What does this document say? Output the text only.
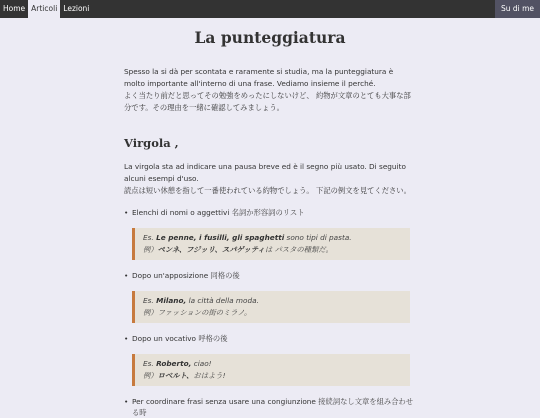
Home Articoli Lezioni	Su di me
La punteggiatura

Spesso la si dà per scontata e raramente si studia, ma la punteggiatura è molto importante all'interno di una frase. Vediamo insieme il perché.

よく当たり前だと思ってその勉強をめったにしないけど、 約物が文章のとても大事な部分です。その理由を一緒に確認してみましょう。

Virgola ,

La virgola sta ad indicare una pausa breve ed è il segno più usato. Di seguito alcuni esempi d'uso.

読点は短い休憩を指して一番使われている約物でしょう。 下記の例文を見てください。

• Elenchi di nomi o aggettivi 名詞か形容詞のリスト
Es. Le penne, i fusilli, gli spaghetti sono tipi di pasta.
例）ペンネ、フジッリ、スパゲッティは パスタの種類だ。
• Dopo un'apposizione 同格の後
Es. Milano, la città della moda.
例）ファッションの街のミラノ。
• Dopo un vocativo 呼格の後
Es. Roberto, ciao!
例）ロベルト、おはよう!
• Per coordinare frasi senza usare una congiunzione 接続詞なし文章を組み合わせる時
